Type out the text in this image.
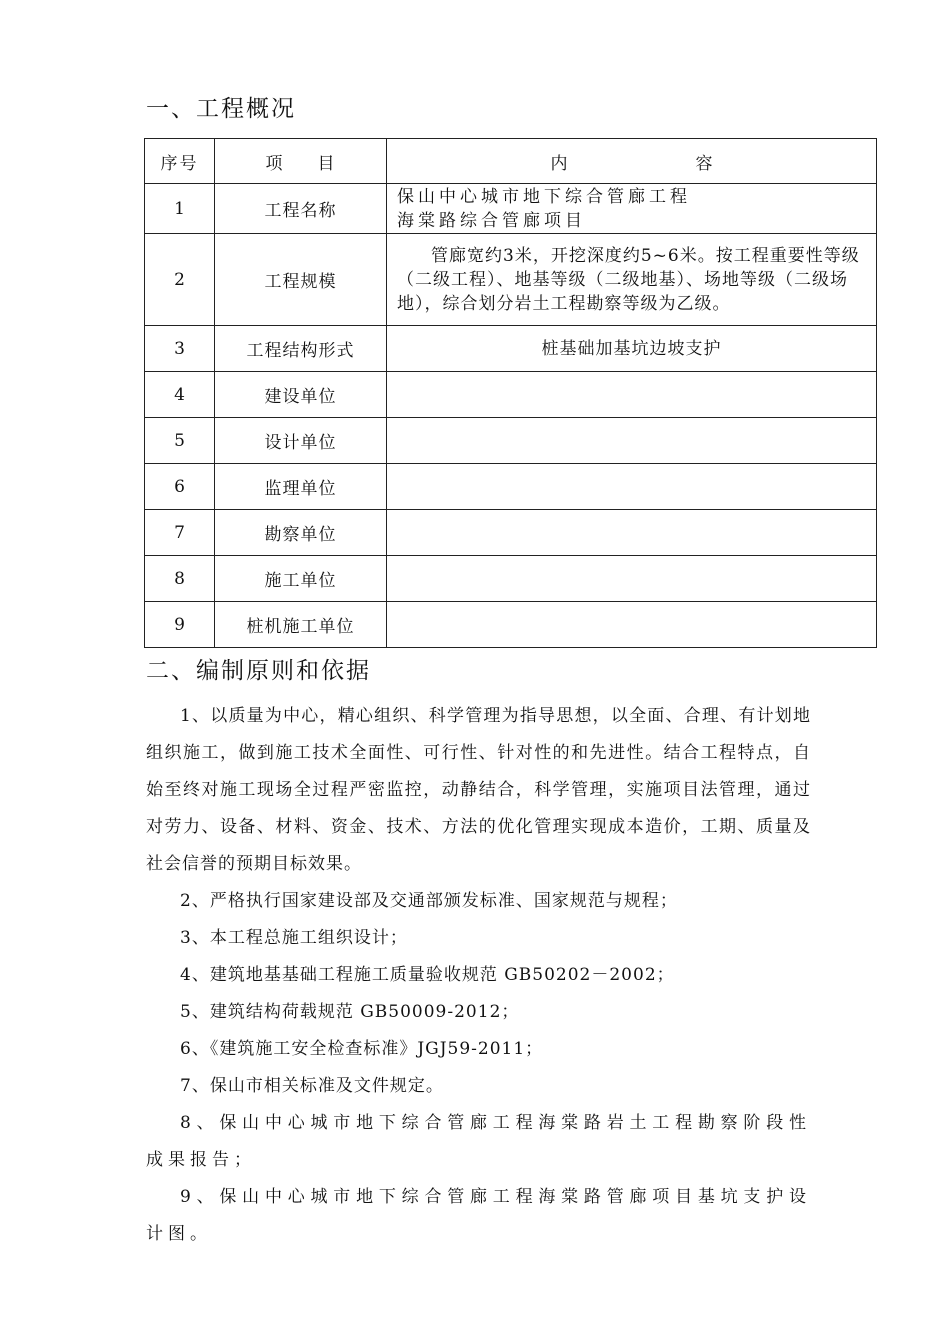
一、工程概况
序号	项 目	内 容
1	工程名称	保山中心城市地下综合管廊工程
海棠路综合管廊项目

2	工程规模	管廊宽约3米，开挖深度约5~6米。按工程重要性等级（二级工程）、地基等级（二级地基）、场地等级（二级场地），综合划分岩土工程勘察等级为乙级。
3	工程结构形式	桩基础加基坑边坡支护
4	建设单位	
5	设计单位	
6	监理单位	
7	勘察单位	
8	施工单位	
9	桩机施工单位	
二、编制原则和依据

1、以质量为中心，精心组织、科学管理为指导思想，以全面、合理、有计划地组织施工，做到施工技术全面性、可行性、针对性的和先进性。结合工程特点，自始至终对施工现场全过程严密监控，动静结合，科学管理，实施项目法管理，通过对劳力、设备、材料、资金、技术、方法的优化管理实现成本造价，工期、质量及社会信誉的预期目标效果。

2、严格执行国家建设部及交通部颁发标准、国家规范与规程；

3、本工程总施工组织设计；

4、建筑地基基础工程施工质量验收规范 GB50202－2002；

5、建筑结构荷载规范 GB50009-2012；

6、《建筑施工安全检查标准》JGJ59-2011；

7、保山市相关标准及文件规定。

8、保山中心城市地下综合管廊工程海棠路岩土工程勘察阶段性成果报告；

9、保山中心城市地下综合管廊工程海棠路管廊项目基坑支护设计图。
